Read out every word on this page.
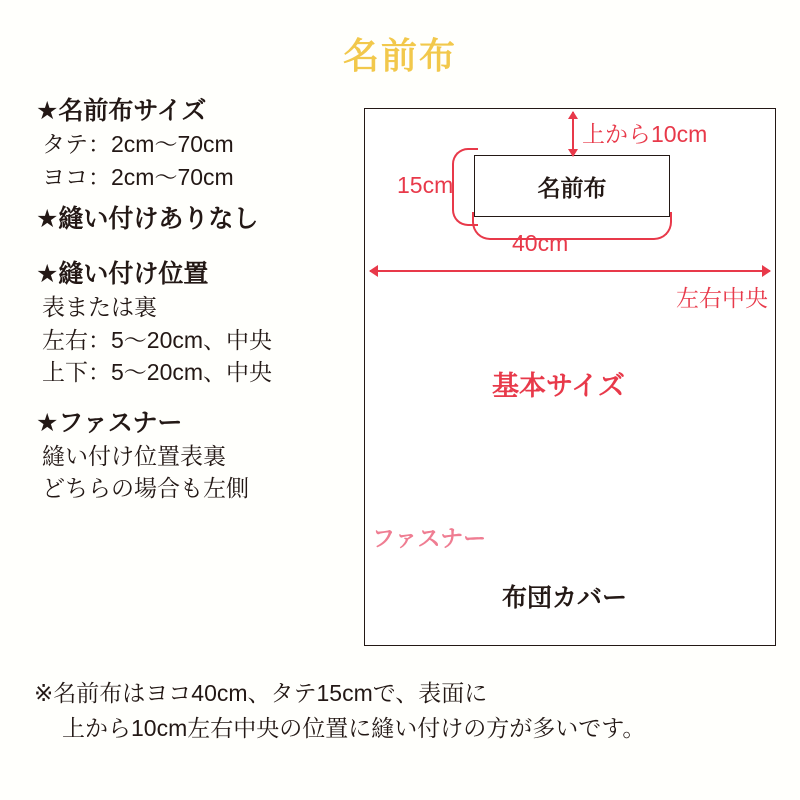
名前布

★名前布サイズ

タテ：2cm〜70cm

ヨコ：2cm〜70cm

★縫い付けありなし

★縫い付け位置

表または裏

左右：5〜20cm、中央

上下：5〜20cm、中央

★ファスナー

縫い付け位置表裏

どちらの場合も左側

15cm	名前布
上から10cm
40cm
左右中央
基本サイズ
ファスナー
布団カバー
※名前布はヨコ40cm、タテ15cmで、表面に
上から10cm左右中央の位置に縫い付けの方が多いです。
